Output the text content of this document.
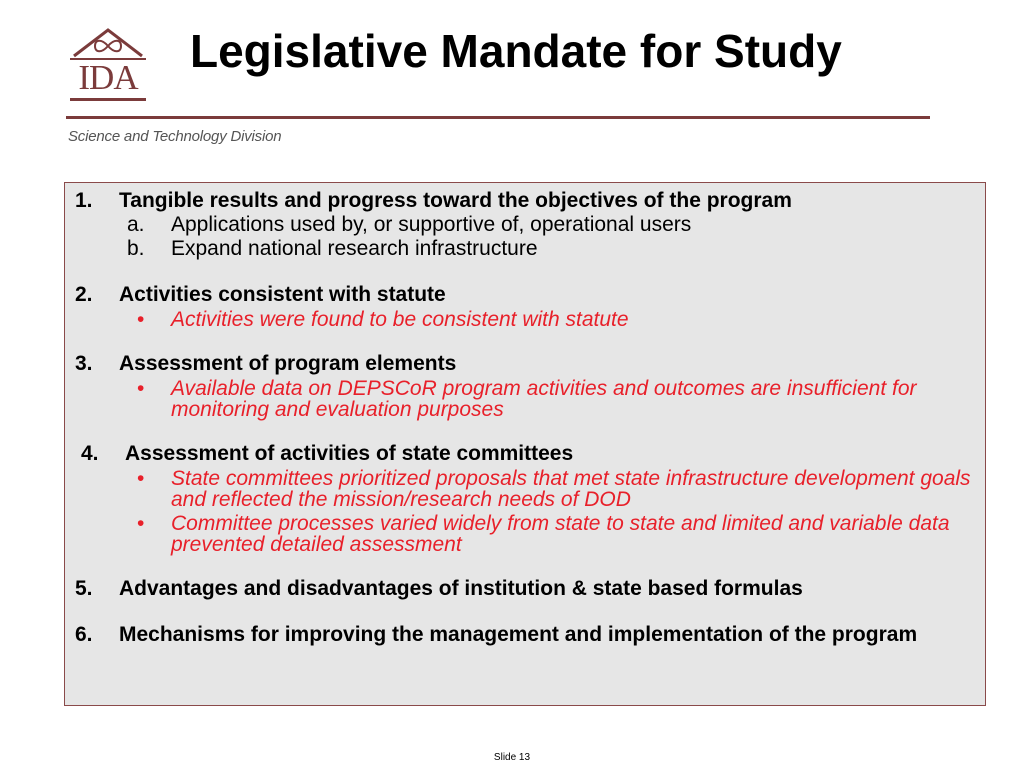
IDA
Legislative Mandate for Study
Science and Technology Division
1.	Tangible results and progress toward the objectives of the program
a.	Applications used by, or supportive of, operational users
b.	Expand national research infrastructure
2.	Activities consistent with statute
•	Activities were found to be consistent with statute
3.	Assessment of program elements
•	Available data on DEPSCoR program activities and outcomes are insufficient for monitoring and evaluation purposes
4.	Assessment of activities of state committees
•	State committees prioritized proposals that met state infrastructure development goals and reflected the mission/research needs of DOD
•	Committee processes varied widely from state to state and limited and variable data prevented detailed assessment
5.	Advantages and disadvantages of institution & state based formulas
6.	Mechanisms for improving the management and implementation of the program
Slide 13
